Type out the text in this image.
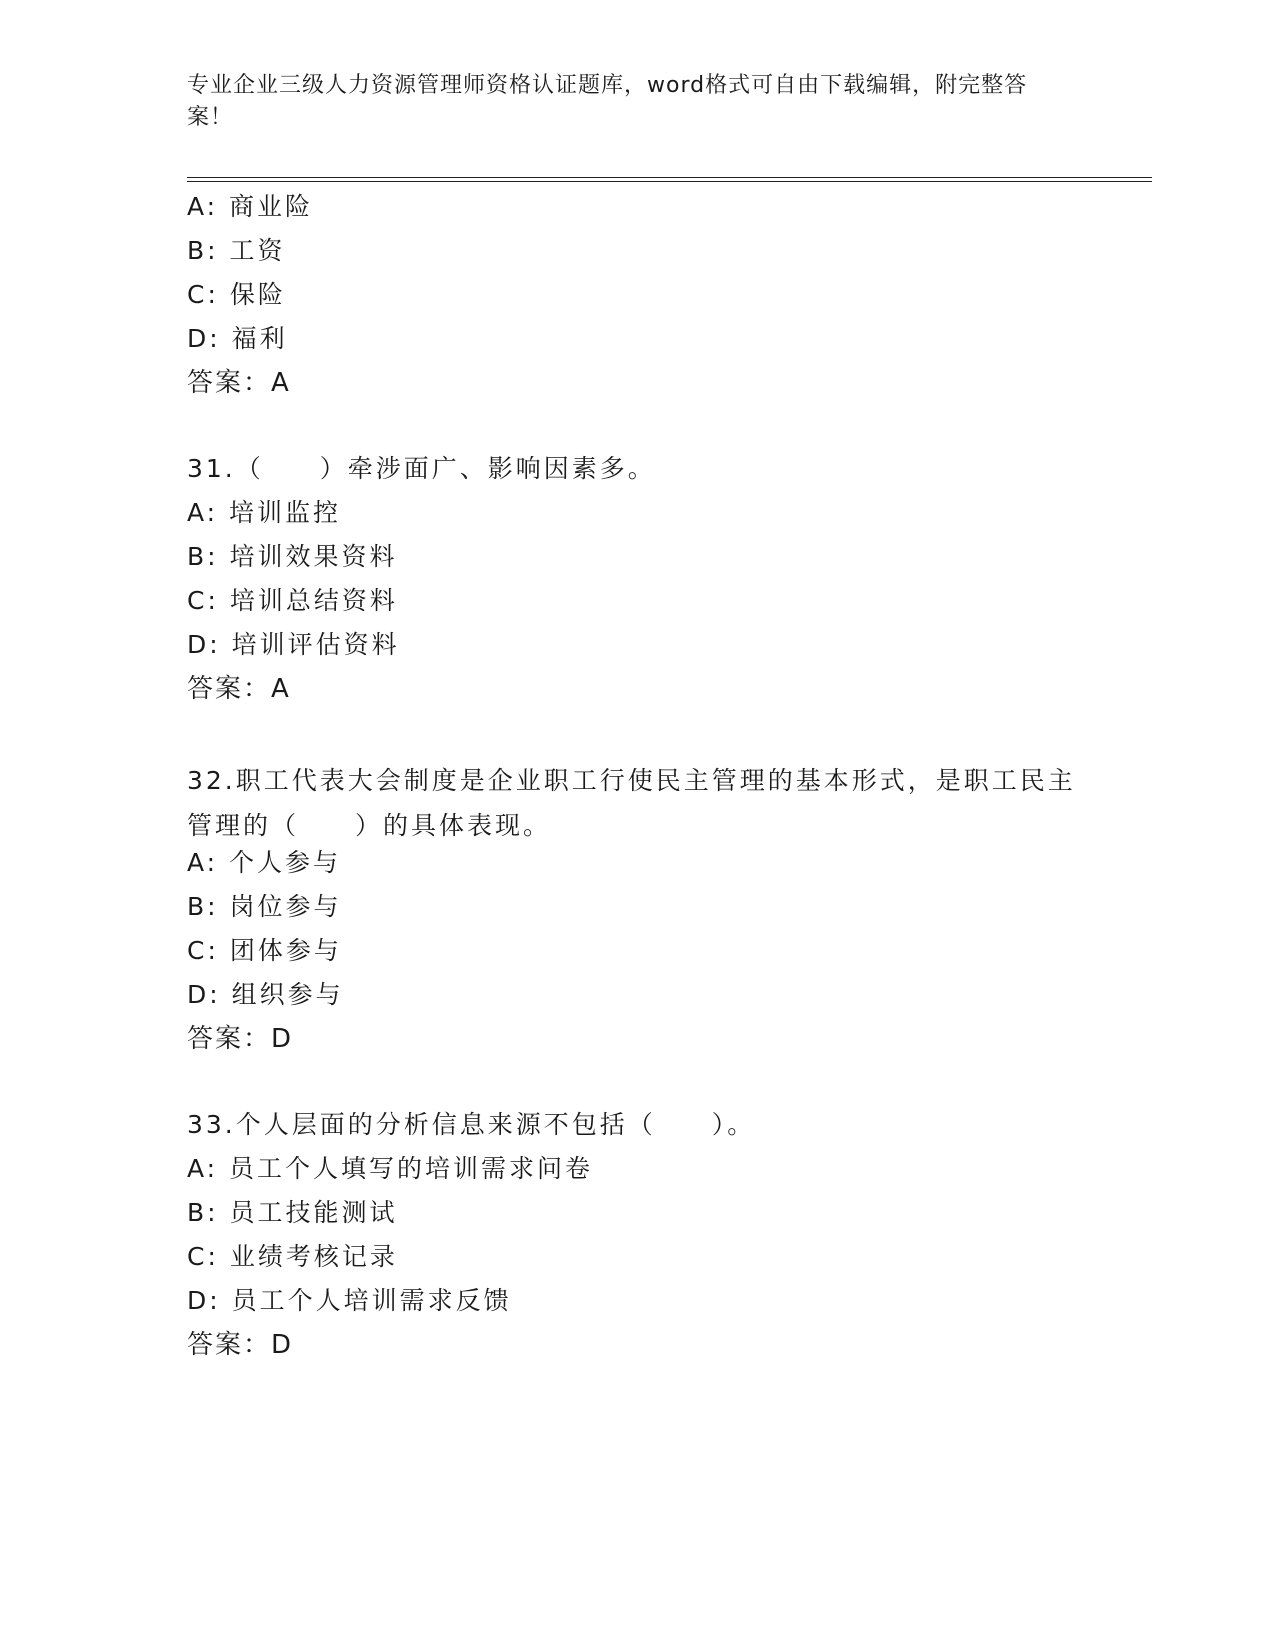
专业企业三级人力资源管理师资格认证题库，word格式可自由下载编辑，附完整答案！
A: 商业险
B: 工资
C: 保险
D: 福利
答案：A
31.（　　）牵涉面广、影响因素多。
A: 培训监控
B: 培训效果资料
C: 培训总结资料
D: 培训评估资料
答案：A
32.职工代表大会制度是企业职工行使民主管理的基本形式，是职工民主管理的（　　）的具体表现。
A: 个人参与
B: 岗位参与
C: 团体参与
D: 组织参与
答案：D
33.个人层面的分析信息来源不包括（　　）。
A: 员工个人填写的培训需求问卷
B: 员工技能测试
C: 业绩考核记录
D: 员工个人培训需求反馈
答案：D
